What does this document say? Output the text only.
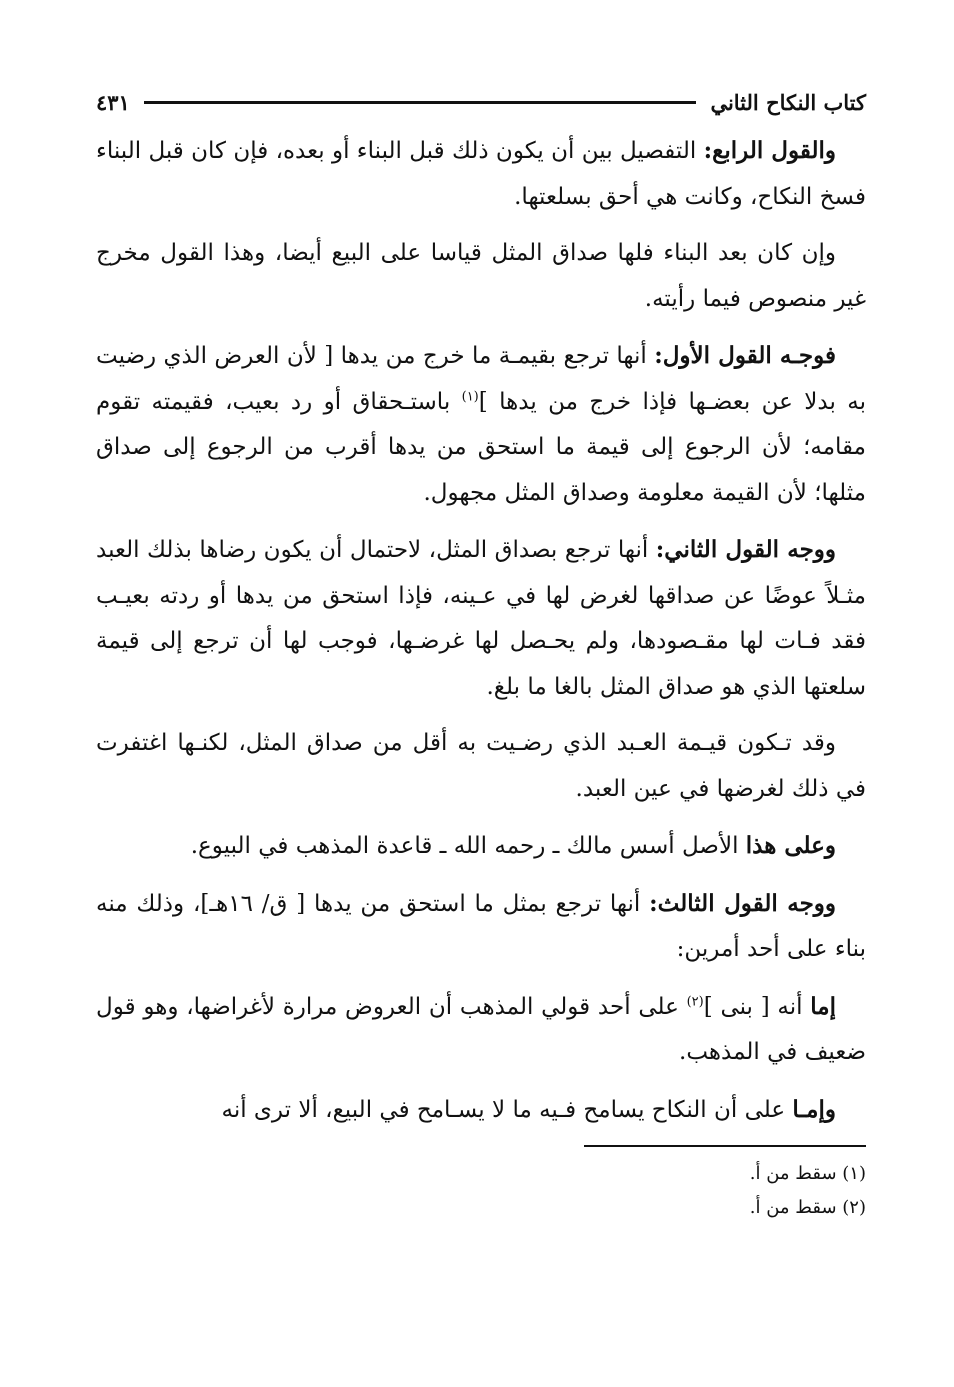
كتاب النكاح الثاني
٤٣١

والقول الرابع: التفصيل بين أن يكون ذلك قبل البناء أو بعده، فإن كان قبل البناء فسخ النكاح، وكانت هي أحق بسلعتها.

وإن كان بعد البناء فلها صداق المثل قياسا على البيع أيضا، وهذا القول مخرج غير منصوص فيما رأيته.

فوجـه القول الأول: أنها ترجع بقيمـة ما خرج من يدها [ لأن العرض الذي رضيت به بدلا عن بعضـها فإذا خرج من يدها ]$^{(١)}$ باستـحقاق أو رد بعيب، فقيمته تقوم مقامه؛ لأن الرجوع إلى قيمة ما استحق من يدها أقرب من الرجوع إلى صداق مثلها؛ لأن القيمة معلومة وصداق المثل مجهول.

ووجه القول الثاني: أنها ترجع بصداق المثل، لاحتمال أن يكون رضاها بذلك العبد مثـلاً عوضًا عن صداقها لغرض لها في عـينه، فإذا استحق من يدها أو ردته بعيـب فقد فـات لها مقـصودها، ولم يحـصل لها غرضـها، فوجب لها أن ترجع إلى قيمة سلعتها الذي هو صداق المثل بالغا ما بلغ.

وقد تـكون قيـمة العـبد الذي رضـيت به أقل من صداق المثل، لكنـها اغتفرت في ذلك لغرضها في عين العبد.

وعلى هذا الأصل أسس مالك ـ رحمه الله ـ قاعدة المذهب في البيوع.

ووجه القول الثالث: أنها ترجع بمثل ما استحق من يدها [ ق/ ١٦هـ]، وذلك منه بناء على أحد أمرين:

إما أنه [ بنى ]$^{(٢)}$ على أحد قولي المذهب أن العروض مرارة لأغراضها، وهو قول ضعيف في المذهب.

وإمـا على أن النكاح يسامح فـيه ما لا يسـامح في البيع، ألا ترى أنه

(١) سقط من أ.

(٢) سقط من أ.
